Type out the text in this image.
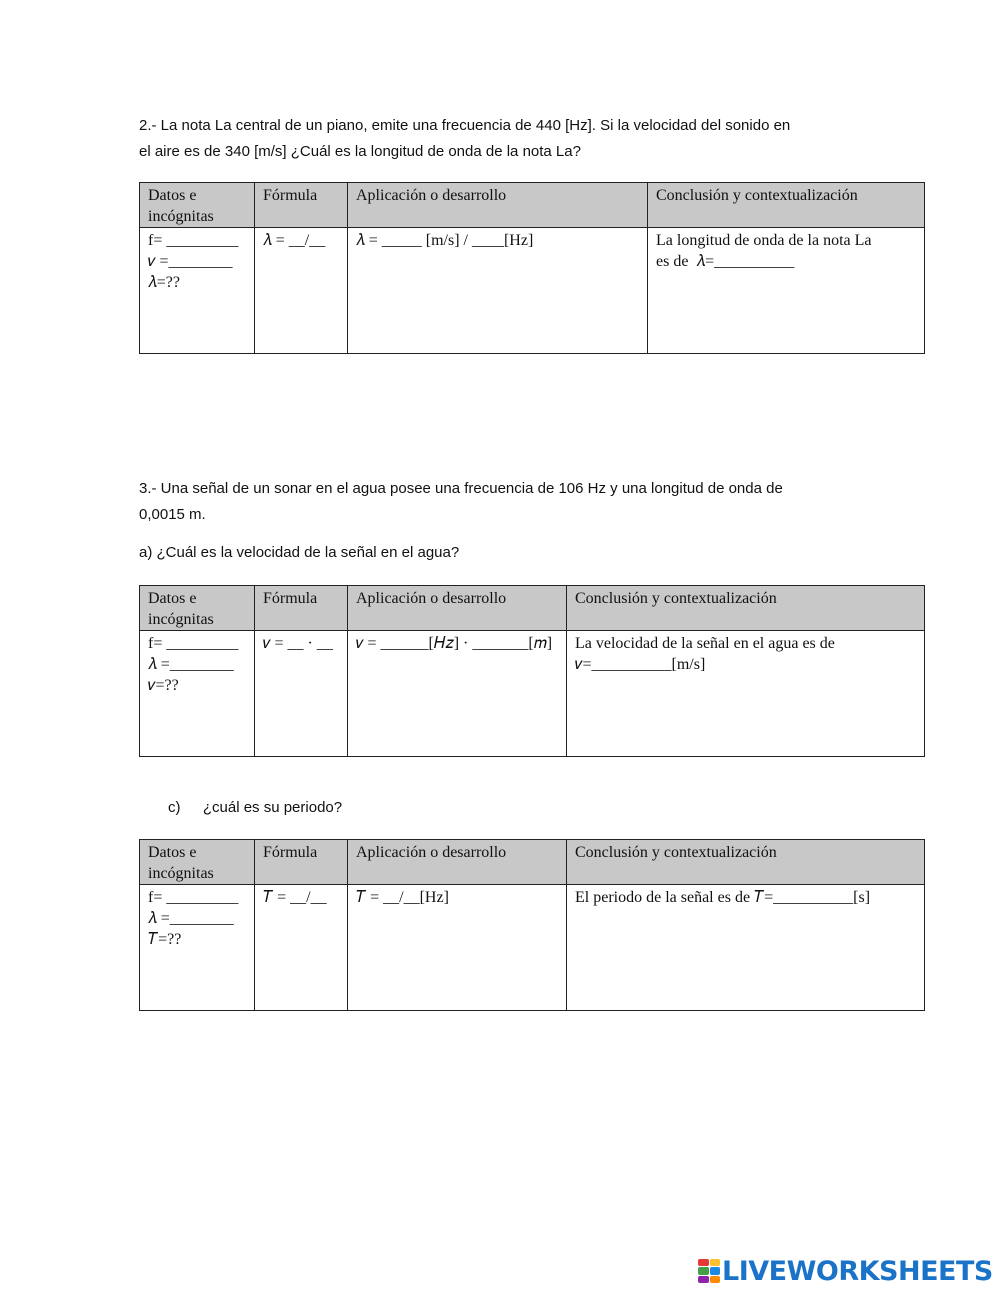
2.- La nota La central de un piano, emite una frecuencia de 440 [Hz]. Si la velocidad del sonido en
el aire es de 340 [m/s] ¿Cuál es la longitud de onda de la nota La?

Datos e
incógnitas	Fórmula	Aplicación o desarrollo	Conclusión y contextualización

f= _________
𝑣 =________
𝜆=??	𝜆 = __/__	𝜆 = _____ [m/s] / ____[Hz]	La longitud de onda de la nota La
es de  𝜆=__________

3.- Una señal de un sonar en el agua posee una frecuencia de 106 Hz y una longitud de onda de
0,0015 m.

a) ¿Cuál es la velocidad de la señal en el agua?
Datos e
incógnitas	Fórmula	Aplicación o desarrollo	Conclusión y contextualización

f= _________
𝜆 =________
𝑣=??	𝑣 = __ · __	𝑣 = ______[𝐻𝑧] · _______[𝑚]	La velocidad de la señal en el agua es de
𝑣=__________[m/s]
c) ¿cuál es su periodo?
Datos e
incógnitas	Fórmula	Aplicación o desarrollo	Conclusión y contextualización

f= _________
𝜆 =________
𝑇=??	𝑇 = __/__	𝑇 = __/__[Hz]	El periodo de la señal es de 𝑇=__________[s]
LIVEWORKSHEETS
